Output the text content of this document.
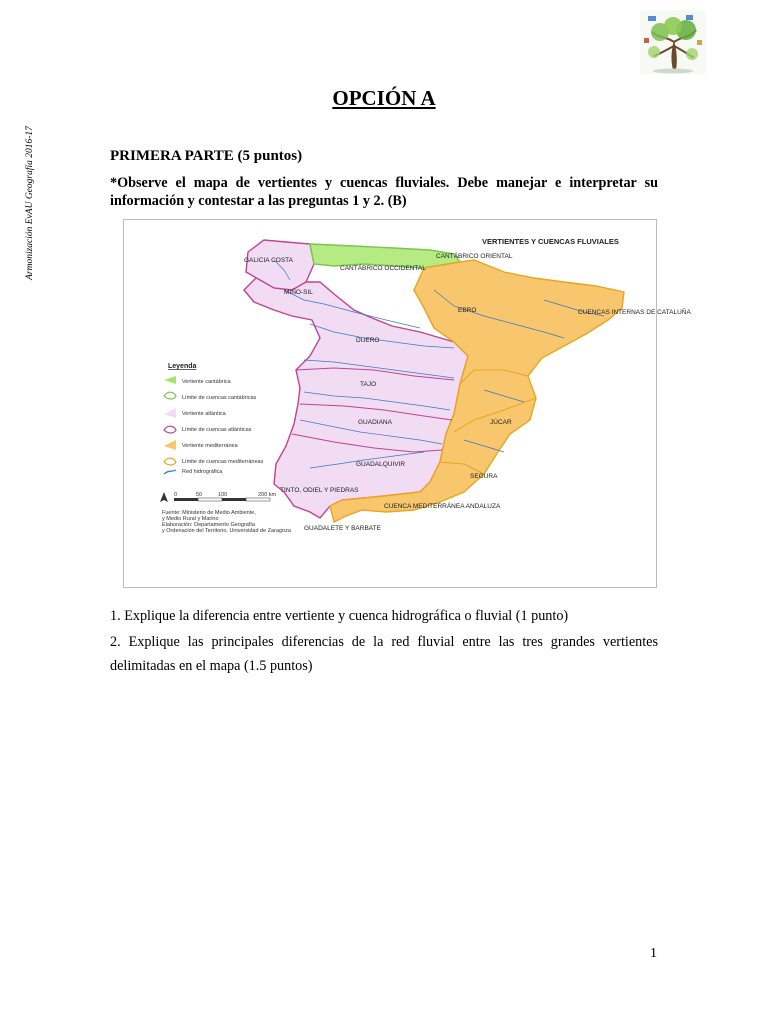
Armonización EvAU Geografía 2016-17
OPCIÓN A
PRIMERA PARTE (5 puntos)
*Observe el mapa de vertientes y cuencas fluviales. Debe manejar e interpretar su información y contestar a las preguntas 1 y 2. (B)
VERTIENTES Y CUENCAS FLUVIALES
GALICIA COSTA
CANTÁBRICO OCCIDENTAL
CANTÁBRICO ORIENTAL
MIÑO-SIL
EBRO	CUENCAS INTERNAS DE CATALUÑA
DUERO
TAJO
GUADIANA	JÚCAR
GUADALQUIVIR
SEGURA
TINTO, ODIEL Y PIEDRAS
CUENCA MEDITERRÁNEA ANDALUZA
GUADALETE Y BARBATE
Leyenda
Vertiente cantábrica
Límite de cuencas cantábricas
Vertiente atlántica
Límite de cuencas atlánticas
Vertiente mediterránea
Límite de cuencas mediterráneas
Red hidrográfica
0	50	100	200 km
Fuente: Ministerio de Medio Ambiente,
y Medio Rural y Marino
Elaboración: Departamento Geografía
y Ordenación del Territorio, Universidad de Zaragoza
1. Explique la diferencia entre vertiente y cuenca hidrográfica o fluvial (1 punto)
2. Explique las principales diferencias de la red fluvial entre las tres grandes vertientes delimitadas en el mapa (1.5 puntos)
1
